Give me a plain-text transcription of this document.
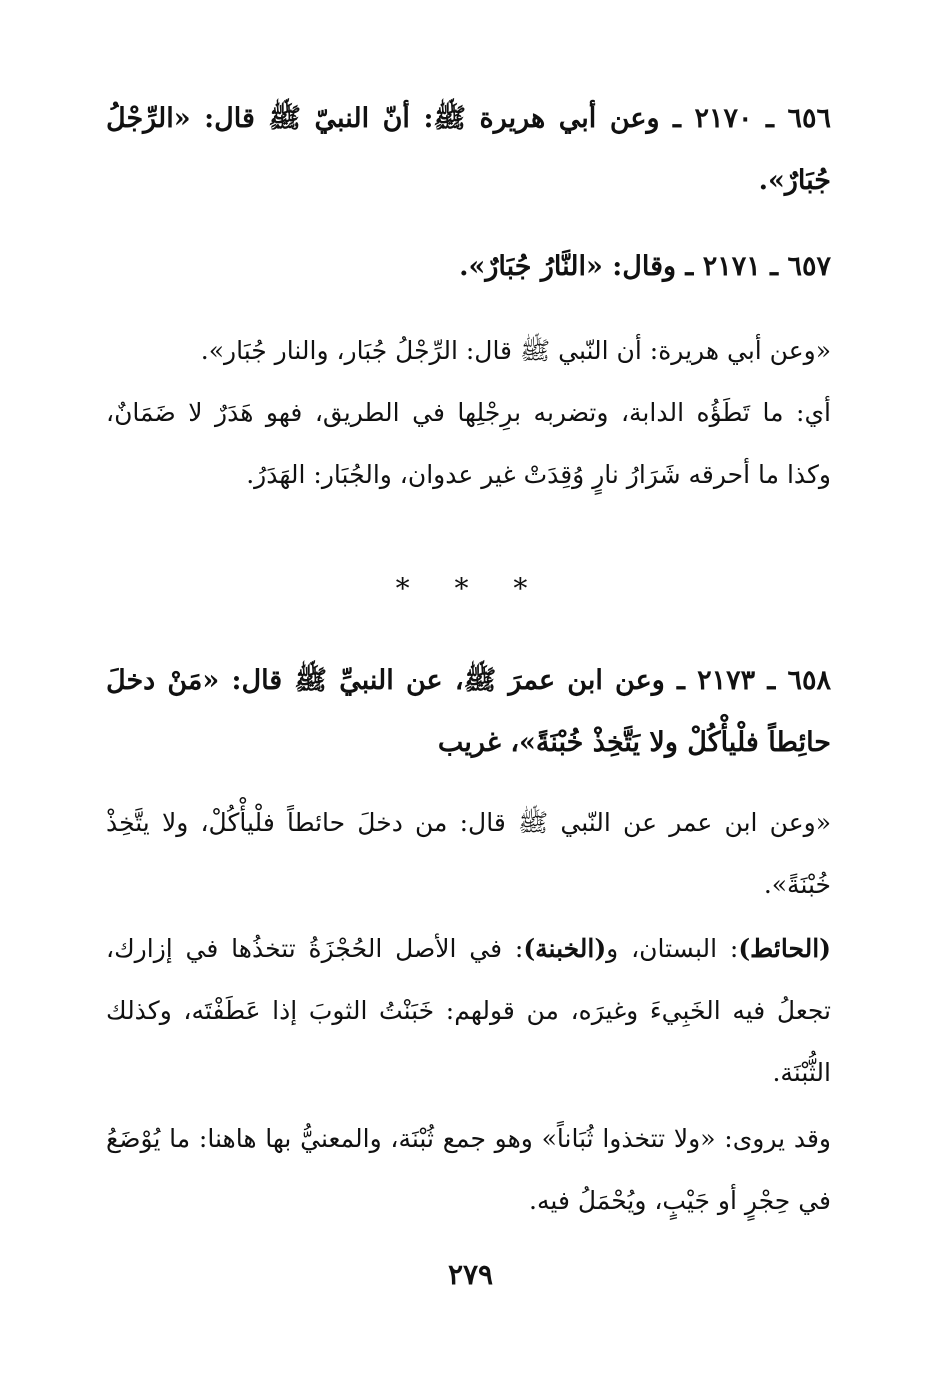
٦٥٦ ـ ٢١٧٠ ـ وعن أبي هريرة ﷺ: أنّ النبيّ ﷺ قال: «الرِّجْلُ جُبَارٌ».

٦٥٧ ـ ٢١٧١ ـ وقال: «النَّارُ جُبَارٌ».

«وعن أبي هريرة: أن النّبي ﷺ قال: الرِّجْلُ جُبَار، والنار جُبَار».

أي: ما تَطَؤُه الدابة، وتضربه برِجْلِها في الطريق، فهو هَدَرٌ لا ضَمَانٌ، وكذا ما أحرقه شَرَارُ نارٍ وُقِدَتْ غير عدوان، والجُبَار: الهَدَرُ.

* * *

٦٥٨ ـ ٢١٧٣ ـ وعن ابن عمرَ ﷺ، عن النبيِّ ﷺ قال: «مَنْ دخلَ حائِطاً فلْيأْكُلْ ولا يَتَّخِذْ خُبْنَةً»، غريب

«وعن ابن عمر عن النّبي ﷺ قال: من دخلَ حائطاً فلْيأْكُلْ، ولا يتَّخِذْ خُبْنَةً».

(الحائط): البستان، و(الخبنة): في الأصل الحُجْزَةُ تتخذُها في إزارك، تجعلُ فيه الخَبِيءَ وغيرَه، من قولهم: خَبَنْتُ الثوبَ إذا عَطَفْتَه، وكذلك الثُّبْنَة.

وقد يروى: «ولا تتخذوا ثُبَاناً» وهو جمع ثُبْنَة، والمعنيُّ بها هاهنا: ما يُوْضَعُ في حِجْرٍ أو جَيْبٍ، ويُحْمَلُ فيه.

٢٧٩
